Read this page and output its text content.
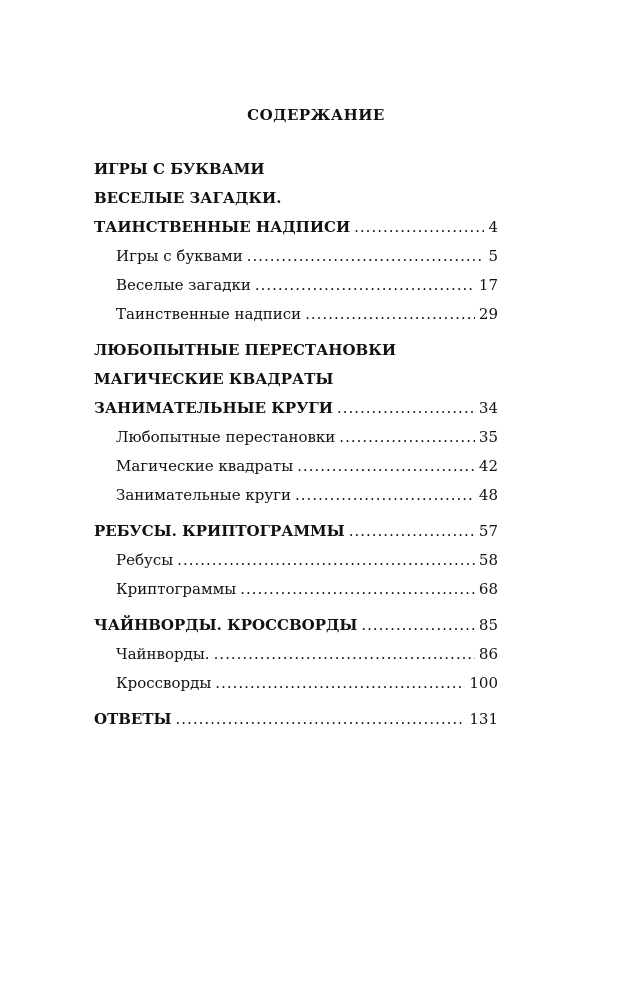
СОДЕРЖАНИЕ
ИГРЫ С БУКВАМИ
ВЕСЕЛЫЕ ЗАГАДКИ.
ТАИНСТВЕННЫЕ НАДПИСИ .....	4
Игры с буквами .....	5
Веселые загадки .....	17
Таинственные надписи .....	29
ЛЮБОПЫТНЫЕ ПЕРЕСТАНОВКИ
МАГИЧЕСКИЕ КВАДРАТЫ
ЗАНИМАТЕЛЬНЫЕ КРУГИ .....	34
Любопытные перестановки .....	35
Магические квадраты .....	42
Занимательные круги .....	48
РЕБУСЫ. КРИПТОГРАММЫ .....	57
Ребусы .....	58
Криптограммы .....	68
ЧАЙНВОРДЫ. КРОССВОРДЫ .....	85
Чайнворды. .....	86
Кроссворды .....	100
ОТВЕТЫ .....	131
